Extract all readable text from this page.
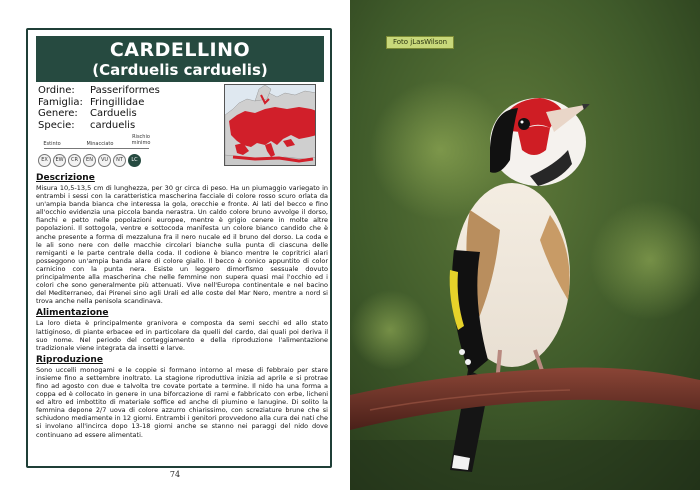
CARDELLINO
(Carduelis carduelis)
Ordine:	Passeriformes
Famiglia: Fringillidae
Genere:	Carduelis
Specie:	carduelis
Estinto	Minacciato
Rischio
minimo
EX	EW	CR	EN	VU	NT	LC
Descrizione

Misura 10,5-13,5 cm di lunghezza, per 30 gr circa di peso. Ha un piumaggio variegato in entrambi i sessi con la caratteristica mascherina facciale di colore rosso scuro orlata da un'ampia banda bianca che interessa la gola, orecchie e fronte. Ai lati del becco e fino all'occhio evidenzia una piccola banda nerastra. Un caldo colore bruno avvolge il dorso, fianchi e petto nelle popolazioni europee, mentre è grigio cenere in molte altre popolazioni. Il sottogola, ventre e sottocoda manifesta un colore bianco candido che è anche presente a forma di mezzaluna fra il nero nucale ed il bruno del dorso. La coda e le ali sono nere con delle macchie circolari bianche sulla punta di ciascuna delle remiganti e le parte centrale della coda. Il codione è bianco mentre le copritrici alari posseggono un'ampia banda alare di colore giallo. Il becco è conico appuntito di color carnicino con la punta nera. Esiste un leggero dimorfismo sessuale dovuto principalmente alla mascherina che nelle femmine non supera quasi mai l'occhio ed i colori che sono generalmente più attenuati. Vive nell'Europa continentale e nel bacino del Mediterraneo, dai Pirenei sino agli Urali ed alle coste del Mar Nero, mentre a nord si trova anche nella penisola scandinava.

Alimentazione

La loro dieta è principalmente granivora e composta da semi secchi ed allo stato lattiginoso, di piante erbacee ed in particolare da quelli del cardo, dai quali poi deriva il suo nome. Nel periodo del corteggiamento e della riproduzione l'alimentazione tradizionale viene integrata da insetti e larve.

Riproduzione

Sono uccelli monogami e le coppie si formano intorno al mese di febbraio per stare insieme fino a settembre inoltrato. La stagione riproduttiva inizia ad aprile e si protrae fino ad agosto con due e talvolta tre covate portate a termine. Il nido ha una forma a coppa ed è collocato in genere in una biforcazione di rami e fabbricato con erbe, licheni ed altro ed imbottito di materiale soffice ed anche di piumino e lanugine. Di solito la femmina depone 2/7 uova di colore azzurro chiarissimo, con screziature brune che si schiudono mediamente in 12 giorni. Entrambi i genitori provvedono alla cura dei nati che si involano all'incirca dopo 13-18 giorni anche se stanno nei paraggi del nido dove continuano ad essere alimentati.

74
Foto jLasWilson
